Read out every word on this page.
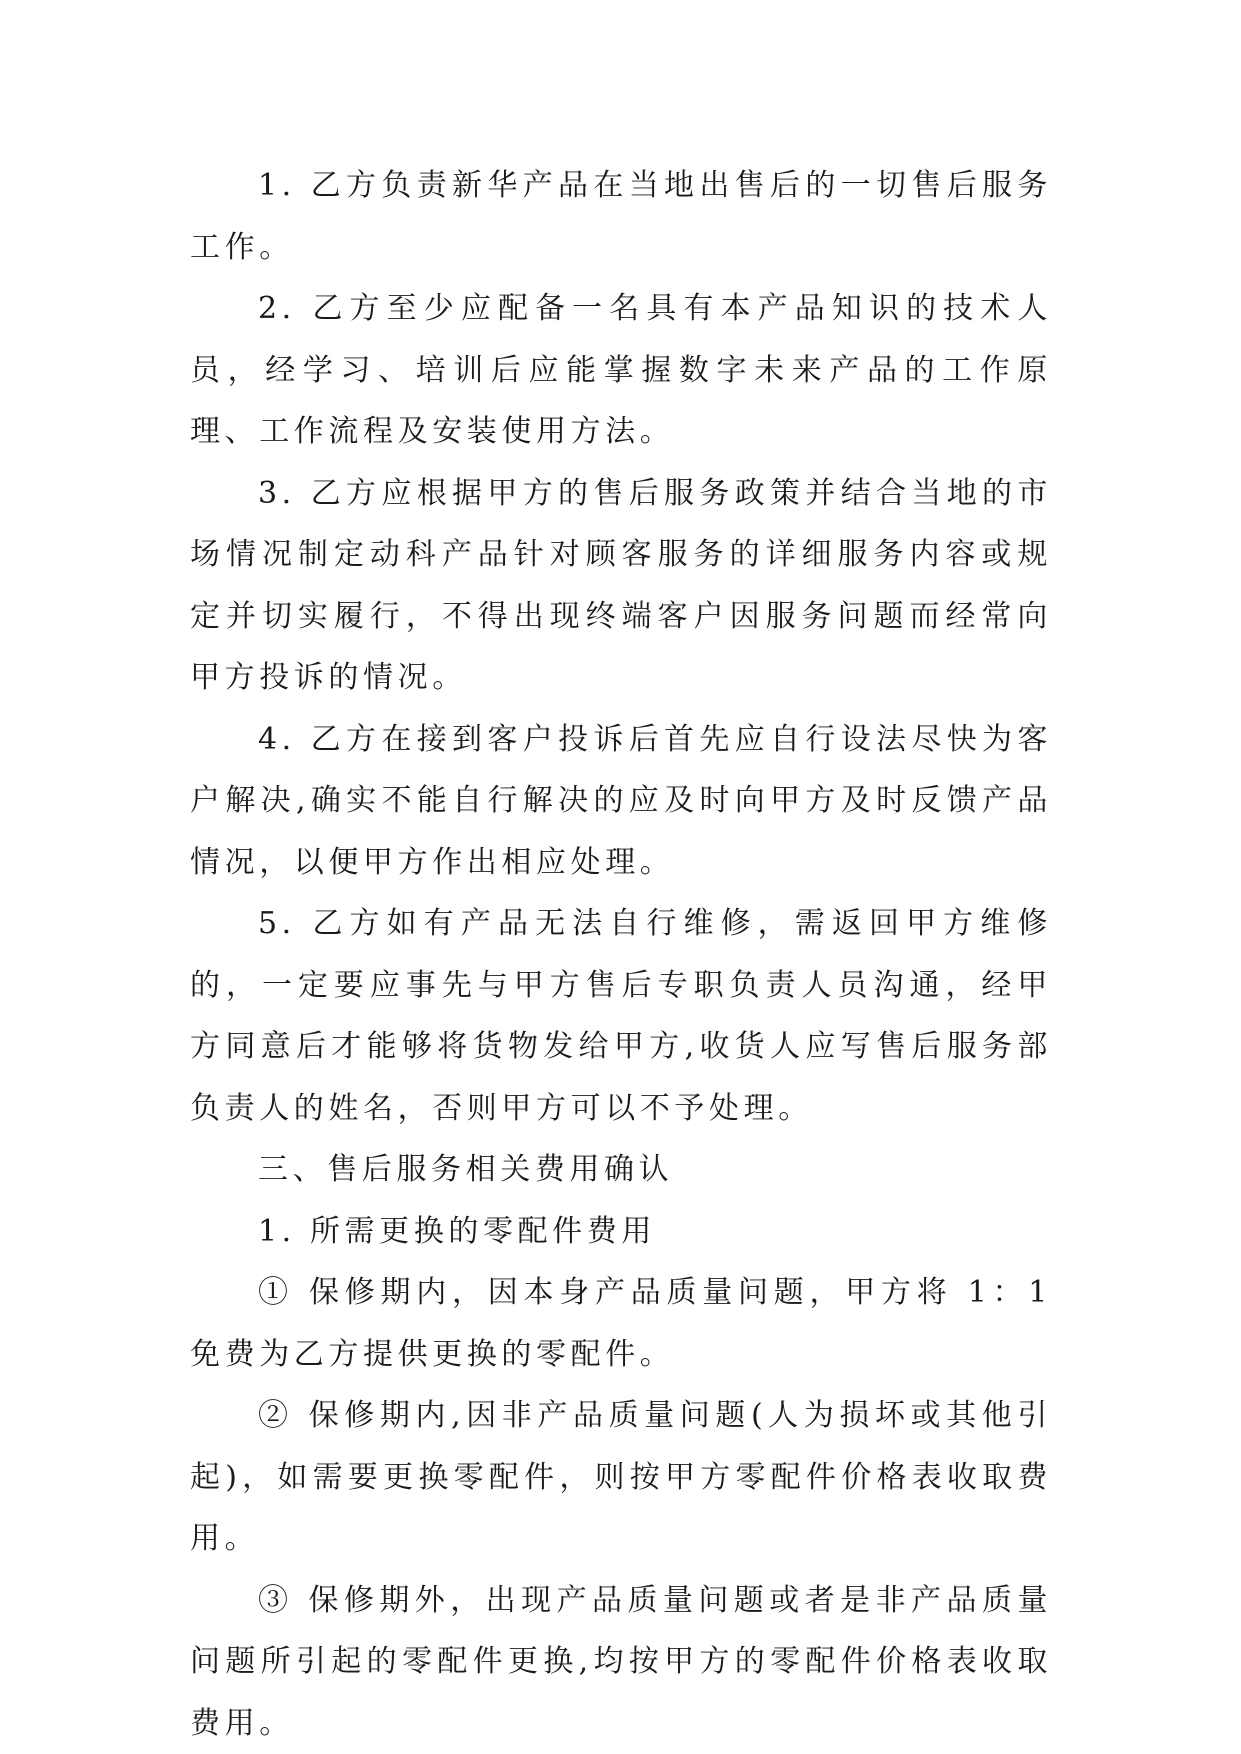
1. 乙方负责新华产品在当地出售后的一切售后服务工作。

2. 乙方至少应配备一名具有本产品知识的技术人员，经学习、培训后应能掌握数字未来产品的工作原理、工作流程及安装使用方法。

3. 乙方应根据甲方的售后服务政策并结合当地的市场情况制定动科产品针对顾客服务的详细服务内容或规定并切实履行，不得出现终端客户因服务问题而经常向甲方投诉的情况。

4. 乙方在接到客户投诉后首先应自行设法尽快为客户解决,确实不能自行解决的应及时向甲方及时反馈产品情况，以便甲方作出相应处理。

5. 乙方如有产品无法自行维修，需返回甲方维修的，一定要应事先与甲方售后专职负责人员沟通，经甲方同意后才能够将货物发给甲方,收货人应写售后服务部负责人的姓名，否则甲方可以不予处理。

三、售后服务相关费用确认

1. 所需更换的零配件费用

① 保修期内，因本身产品质量问题，甲方将 1：1 免费为乙方提供更换的零配件。

② 保修期内,因非产品质量问题(人为损坏或其他引起)，如需要更换零配件，则按甲方零配件价格表收取费用。

③ 保修期外，出现产品质量问题或者是非产品质量问题所引起的零配件更换,均按甲方的零配件价格表收取费用。
